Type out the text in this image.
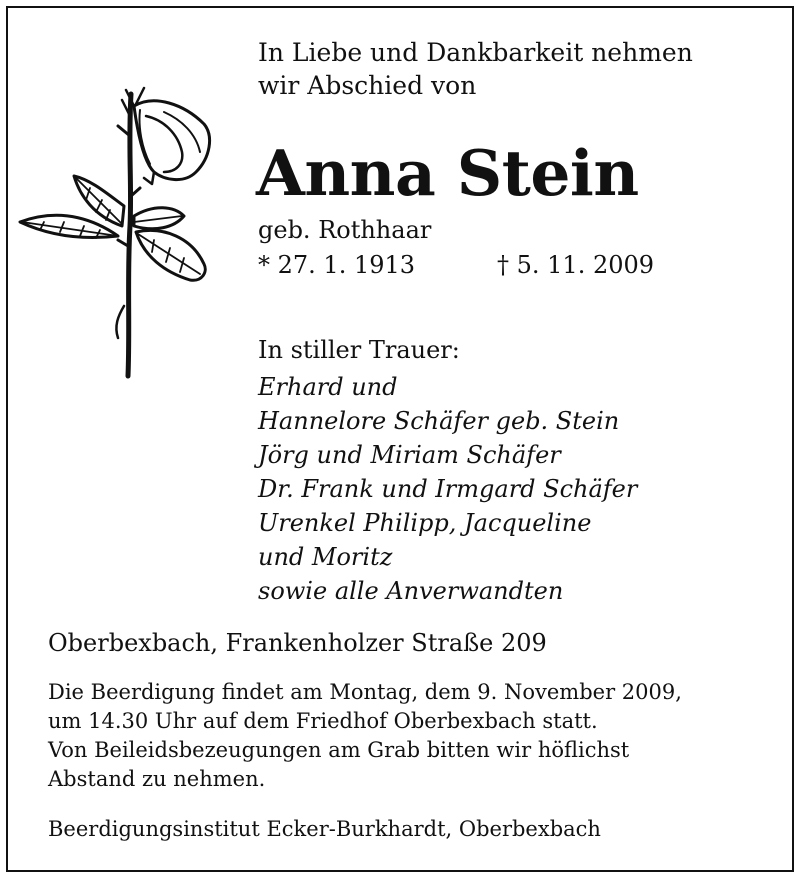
In Liebe und Dankbarkeit nehmen
wir Abschied von
Anna Stein
geb. Rothhaar
* 27. 1. 1913	† 5. 11. 2009
In stiller Trauer:
Erhard und
Hannelore Schäfer geb. Stein
Jörg und Miriam Schäfer
Dr. Frank und Irmgard Schäfer
Urenkel Philipp, Jacqueline
und Moritz
sowie alle Anverwandten
Oberbexbach, Frankenholzer Straße 209
Die Beerdigung findet am Montag, dem 9. November 2009,
um 14.30 Uhr auf dem Friedhof Oberbexbach statt.
Von Beileidsbezeugungen am Grab bitten wir höflichst
Abstand zu nehmen.
Beerdigungsinstitut Ecker-Burkhardt, Oberbexbach
